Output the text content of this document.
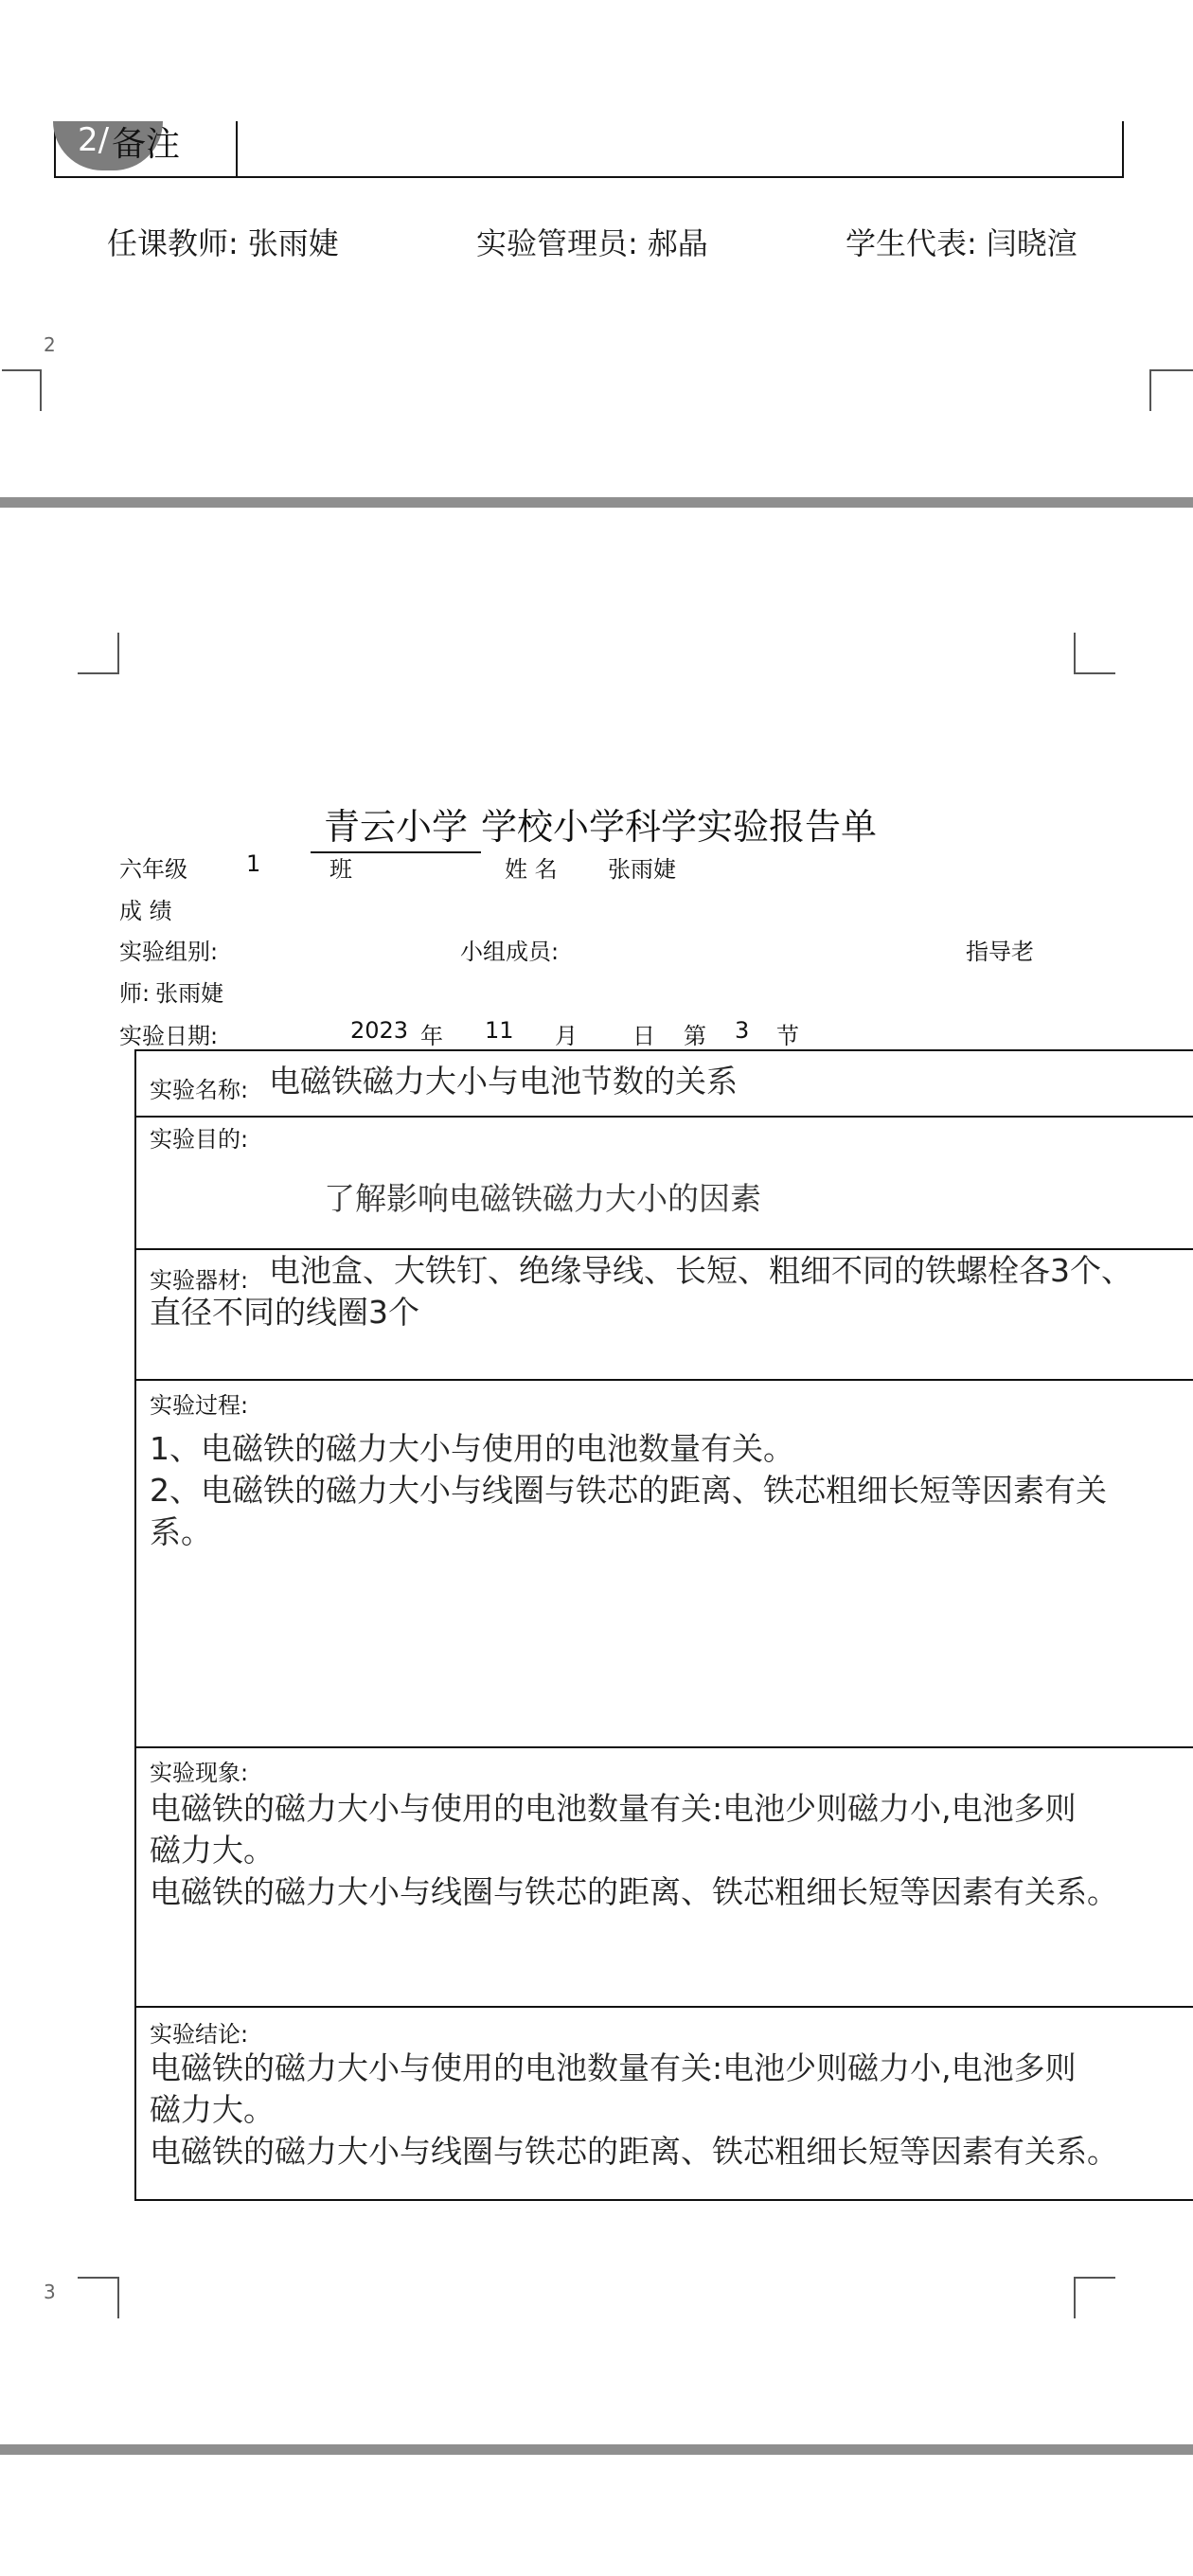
2/ 备注
任课教师: 张雨婕	实验管理员: 郝晶	学生代表: 闫晓渲
2
青云小学 学校小学科学实验报告单
六年级	1	班	姓 名 张雨婕
成 绩
实验组别:	小组成员:	指导老
师: 张雨婕
实验日期:	2023 年 11 月 日 第 3 节
实验名称: 电磁铁磁力大小与电池节数的关系
实验目的:
了解影响电磁铁磁力大小的因素
实验器材: 电池盒、大铁钉、绝缘导线、长短、粗细不同的铁螺栓各3个、
直径不同的线圈3个
实验过程:
1、电磁铁的磁力大小与使用的电池数量有关。
2、电磁铁的磁力大小与线圈与铁芯的距离、铁芯粗细长短等因素有关
系。
实验现象:
电磁铁的磁力大小与使用的电池数量有关:电池少则磁力小,电池多则
磁力大。
电磁铁的磁力大小与线圈与铁芯的距离、铁芯粗细长短等因素有关系。
实验结论:
电磁铁的磁力大小与使用的电池数量有关:电池少则磁力小,电池多则
磁力大。
电磁铁的磁力大小与线圈与铁芯的距离、铁芯粗细长短等因素有关系。
3
